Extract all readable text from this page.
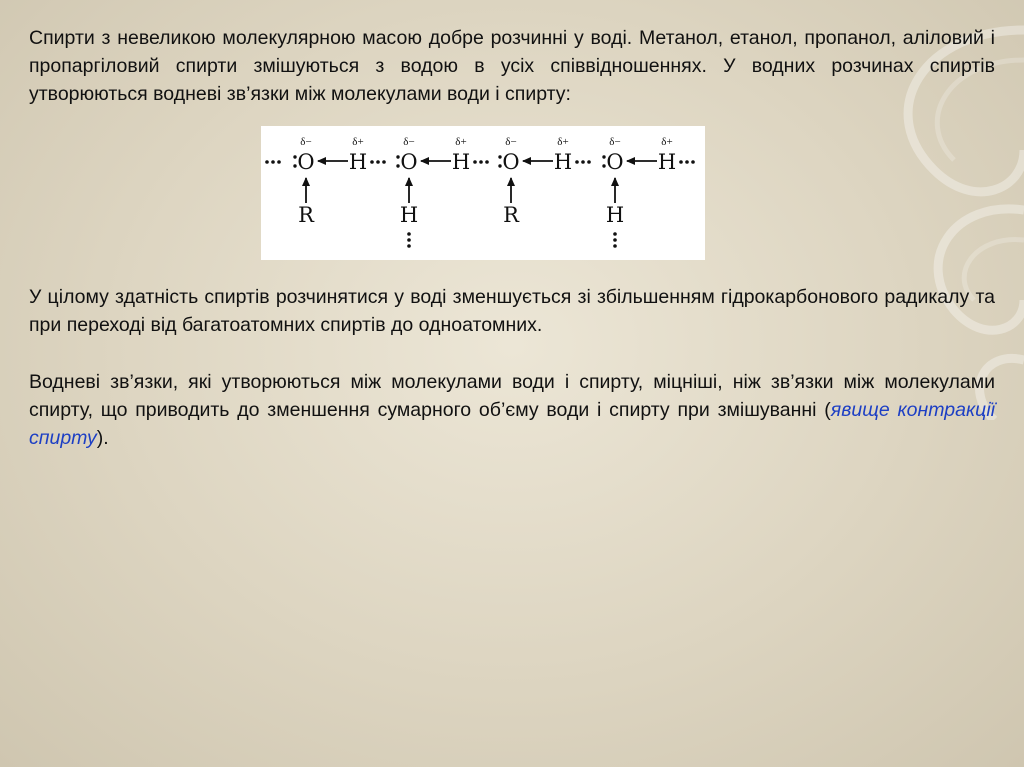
Спирти з невеликою молекулярною масою добре розчинні у воді. Метанол, етанол, пропанол, аліловий і пропаргіловий спирти змішуються з водою в усіх співвідношеннях. У водних розчинах спиртів утворюються водневі зв’язки між молекулами води і спирту:

O
δ−
H
δ+
O
δ−
H
δ+
O
δ−
H
δ+
O
δ−
H
δ+
R	H	R	H

У цілому здатність спиртів розчинятися у воді зменшується зі збільшенням гідрокарбонового радикалу та при переході від багатоатомних спиртів до одноатомних.

Водневі зв’язки, які утворюються між молекулами води і спирту, міцніші, ніж зв’язки між молекулами спирту, що приводить до зменшення сумарного об’єму води і спирту при змішуванні (явище контракції спирту).
